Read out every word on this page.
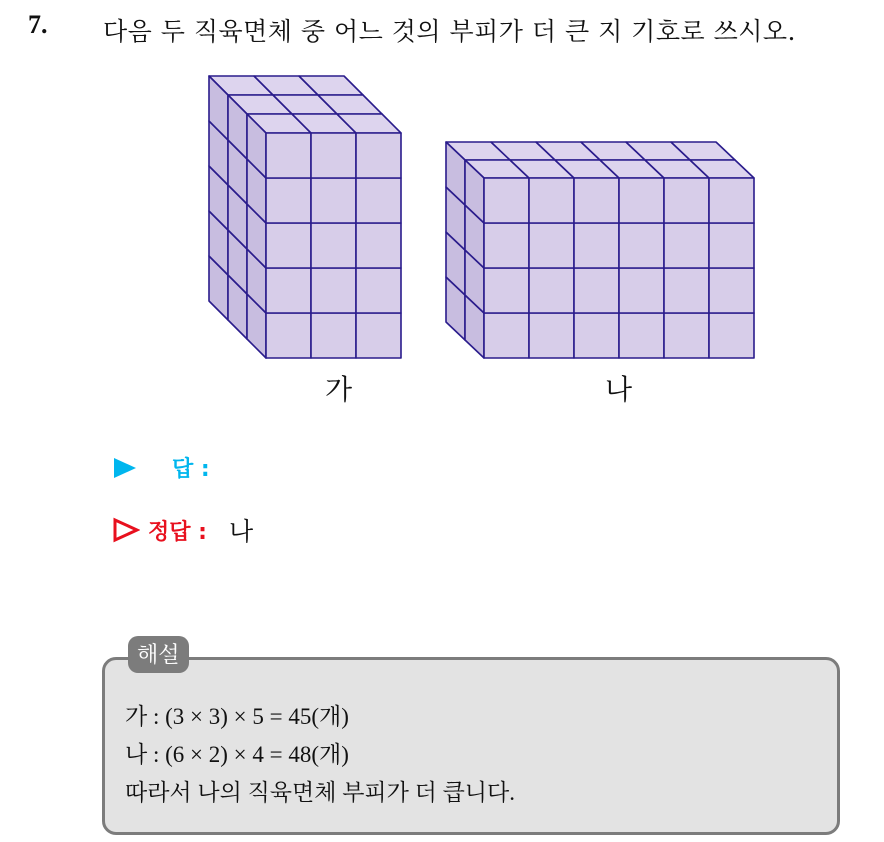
7. 다음 두 직육면체 중 어느 것의 부피가 더 큰 지 기호로 쓰시오.
가	나
답 :
정답 : 나
해설
가 : (3 × 3) × 5 = 45(개)
나 : (6 × 2) × 4 = 48(개)
따라서 나의 직육면체 부피가 더 큽니다.
